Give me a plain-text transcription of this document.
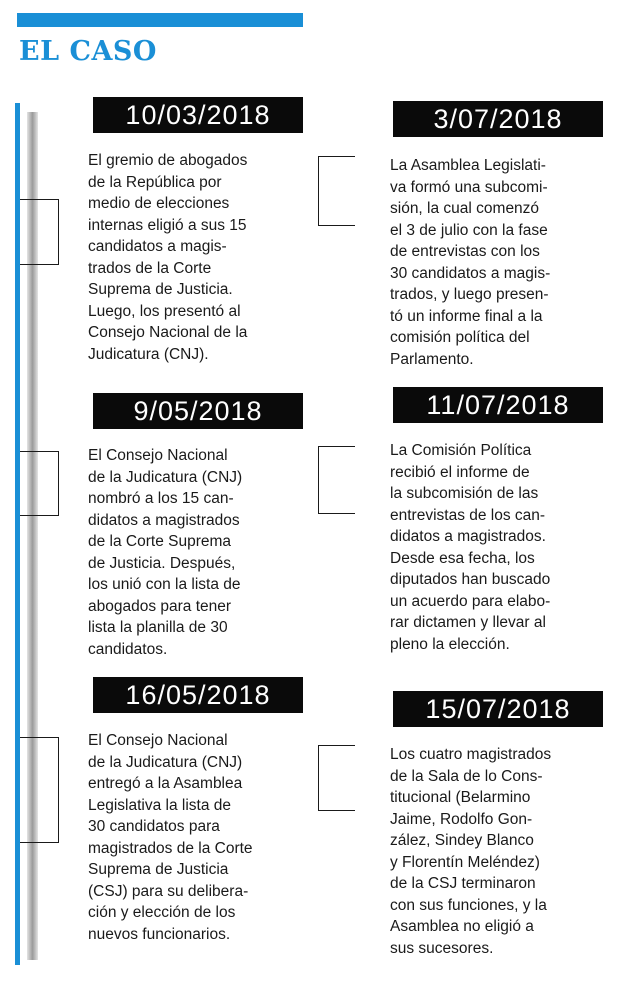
EL CASO
10/03/2018

El gremio de abogados
de la República por
medio de elecciones
internas eligió a sus 15
candidatos a magis-
trados de la Corte
Suprema de Justicia.
Luego, los presentó al
Consejo Nacional de la
Judicatura (CNJ).

3/07/2018

La Asamblea Legislati-
va formó una subcomi-
sión, la cual comenzó
el 3 de julio con la fase
de entrevistas con los
30 candidatos a magis-
trados, y luego presen-
tó un informe final a la
comisión política del
Parlamento.

9/05/2018

El Consejo Nacional
de la Judicatura (CNJ)
nombró a los 15 can-
didatos a magistrados
de la Corte Suprema
de Justicia. Después,
los unió con la lista de
abogados para tener
lista la planilla de 30
candidatos.

11/07/2018

La Comisión Política
recibió el informe de
la subcomisión de las
entrevistas de los can-
didatos a magistrados.
Desde esa fecha, los
diputados han buscado
un acuerdo para elabo-
rar dictamen y llevar al
pleno la elección.

16/05/2018

El Consejo Nacional
de la Judicatura (CNJ)
entregó a la Asamblea
Legislativa la lista de
30 candidatos para
magistrados de la Corte
Suprema de Justicia
(CSJ) para su delibera-
ción y elección de los
nuevos funcionarios.

15/07/2018

Los cuatro magistrados
de la Sala de lo Cons-
titucional (Belarmino
Jaime, Rodolfo Gon-
zález, Sindey Blanco
y Florentín Meléndez)
de la CSJ terminaron
con sus funciones, y la
Asamblea no eligió a
sus sucesores.
